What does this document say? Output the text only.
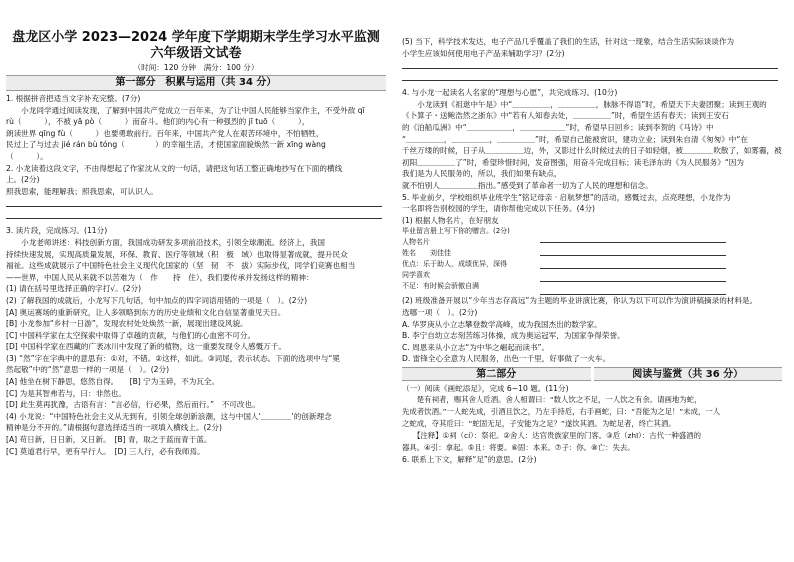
盘龙区小学 2023—2024 学年度下学期期末学生学习水平监测
六年级语文试卷
（时间：120 分钟　满分：100 分）
第一部分　积累与运用（共 34 分）

1. 根据拼音把适当文字补充完整。(7分)

　　小龙同学通过阅读发现，了解到中国共产党成立一百年来，为了让中国人民能够当家作主，不受外敌 qī

rù（　　　），不被 yā pò（　　　）而奋斗。他们的内心有一种强烈的 jī tuō（　　　），

朗读世界 qīng fù（　　　）也要勇敢前行。百年来，中国共产党人在艰苦环境中，不怕牺牲，

民过上了与过去 jié rán bù tóng（　　　　）的幸福生活，才使国家面貌焕然一新 xīng wàng

（　　　）。

2. 小龙读着这段文字，不由得想起了作家沈从文的一句话，请把这句话工整正确地抄写在下面的横线

上。(2分)

照我思索，能理解我；照我思索，可认识人。

3. 读片段，完成练习。(11分)

　　小龙老师讲述：科技创新方面，我国成功研发多项前沿技术，引领全球潮流。经济上，我国

持续快速发展，实现高质量发展，环保、教育、医疗等领域（积　极　域）也取得显著成就，提升民众

福祉。这些成就展示了中国特色社会主义现代化国家的（坚　韧　不　拔）实际步伐，同学们竞赛也相当

——世界，中国人民从来就不以苦难为（　作　　持　住），我们要传承并发扬这样的精神：

(1) 请在括号里选择正确的字打√。(2分)

(2) 了解我国的成就后，小龙写下几句话，句中加点的四字词语用错的一项是（　）。(2分)

[A] 奥运赛场的重新研究，让人多领略到东方的历史业绩和文化自信显著重见天日。

[B] 小龙参加“乡村一日游”，发现农村处处焕然一新，展现出建设风貌。

[C] 中国科学家在太空探索中取得了卓越的贡献，与他们的心血密不可分。

[D] 中国科学家在西藏的广袤冰川中发现了新的植物，这一重要发现令人感慨万千。

(3) “然”字在字典中的意思有：①对，不错。②这样，如此。③词尾，表示状态。下面的选项中与“冕

然起敬”中的“然”意思一样的一项是（　）。(2分)

[A] 他坐在树下静思，悠然自得。　　[B] 宁为玉碎，不为瓦全。

[C] 为是其智弗若与，曰：非然也。

[D] 此生莫再犹豫，古语有言：“言必信，行必果，然后而行。”　不可改也。

(4) 小龙说：“中国特色社会主义从无到有，引领全球创新浪潮，这与中国人‘＿＿＿＿’的创新理念

精神是分不开的。”请根据句意选择适当的一项填入横线上。(2分)

[A] 苟日新，日日新，又日新。　[B] 青，取之于蓝而青于蓝。

[C] 莫道君行早，更有早行人。　[D] 三人行，必有我师焉。

(5) 当下，科学技术发达，电子产品几乎覆盖了我们的生活，针对这一现象，结合生活实际谈谈作为

小学生应该如何使用电子产品来辅助学习？(2分)

4. 与小龙一起读名人名家的“理想与心愿”，共完成练习。(10分)

　　小龙读到《祖逖中午是》中“＿＿＿＿＿，＿＿＿＿＿，脉脉不得语”时，希望天下夫妻团聚；读到王观的

《卜算子・送鲍浩然之浙东》中“若有人知春去处，＿＿＿＿＿”时，希望生活有春天；读到王安石

的《泊船瓜洲》中“＿＿＿＿＿＿，＿＿＿＿＿＿”时，希望早日回乡；读到李贺的《马诗》中

“＿＿＿＿＿，＿＿＿＿＿，＿＿＿＿＿”时，希望自己能被赏识，建功立业；读到朱自清《匆匆》中“在

千丝万缕的时候，日子从＿＿＿＿＿边，外，又影过什么时候过去的日子如轻烟，被＿＿＿＿吹散了，如雾霾，被

初阳＿＿＿＿＿了”时，希望珍惜时间，发奋图强，用奋斗完成目标；读毛泽东的《为人民服务》“因为

我们是为人民服务的，所以，我们如果有缺点，

就不怕别人＿＿＿＿＿指出。”感受到了革命者一切为了人民的理想和信念。

5. 毕业前夕，学校组织毕业班学生“铭记母亲 · 启航梦想”的活动，感慨过去，点亮理想，小龙作为

一名即将告别校园的学生，请你帮他完成以下任务。(4分)

(1) 根据人物名片，在好朋友

毕业留言册上写下你的赠言。(2分)

人物名片

姓名　　 刘佳佳

优点：乐于助人，成绩优异，深得

同学喜欢

不足：有时候会骄傲自满

(2) 班级准备开展以“少年当志存高远”为主题的毕业讲演比赛，你认为以下可以作为演讲稿摘录的材料是。

选哪一项（　）。(2分)

A. 华罗庚从小立志攀登数学高峰，成为我国杰出的数学家。

B. 李宁自幼立志刻苦练习体操，成为奥运冠军，为国家争得荣誉。

C. 周恩来从小立志“为中华之崛起而读书”。

D. 雷锋全心全意为人民服务，出色一千里，好事做了一火车。

第二部分	阅读与鉴赏（共 36 分）

（一）阅读《画蛇添足》，完成 6~10 题。(11分)

　　楚有祠者，赐其舍人卮酒。舍人相谓曰：“数人饮之不足，一人饮之有余。请画地为蛇，

先成者饮酒。”一人蛇先成，引酒且饮之，乃左手持卮，右手画蛇，曰：“吾能为之足！”未成，一人

之蛇成，夺其卮曰：“蛇固无足，子安能为之足？”遂饮其酒。为蛇足者，终亡其酒。

　　【注释】①祠（cí）：祭祀。②舍人：达官贵族家里的门客。③卮（zhī）：古代一种盛酒的

器具。④引：拿起。⑤且：将要。⑥固：本来。⑦子：你。⑧亡：失去。

6. 联系上下文，解释“足”的意思。(2分)
